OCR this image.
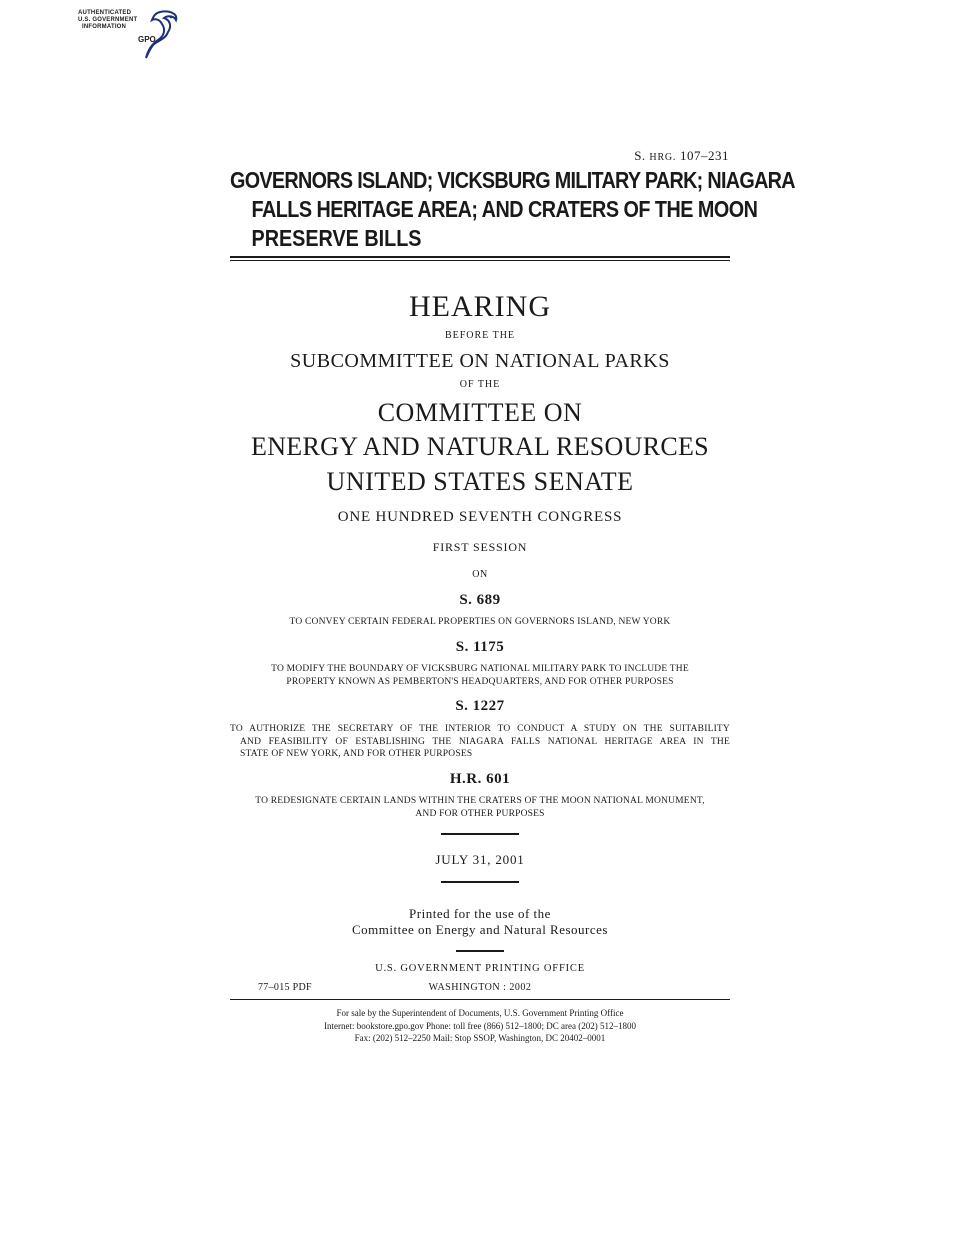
AUTHENTICATED
U.S. GOVERNMENT
INFORMATION
GPO
S. HRG. 107–231
GOVERNORS ISLAND; VICKSBURG MILITARY PARK; NIAGARA
FALLS HERITAGE AREA; AND CRATERS OF THE MOON
PRESERVE BILLS
HEARING
BEFORE THE
SUBCOMMITTEE ON NATIONAL PARKS
OF THE
COMMITTEE ON
ENERGY AND NATURAL RESOURCES
UNITED STATES SENATE
ONE HUNDRED SEVENTH CONGRESS
FIRST SESSION
ON
S. 689
TO CONVEY CERTAIN FEDERAL PROPERTIES ON GOVERNORS ISLAND, NEW YORK
S. 1175
TO MODIFY THE BOUNDARY OF VICKSBURG NATIONAL MILITARY PARK TO INCLUDE THE
PROPERTY KNOWN AS PEMBERTON'S HEADQUARTERS, AND FOR OTHER PURPOSES
S. 1227
TO AUTHORIZE THE SECRETARY OF THE INTERIOR TO CONDUCT A STUDY ON THE SUITABILITY
AND FEASIBILITY OF ESTABLISHING THE NIAGARA FALLS NATIONAL HERITAGE AREA IN THE
STATE OF NEW YORK, AND FOR OTHER PURPOSES
H.R. 601
TO REDESIGNATE CERTAIN LANDS WITHIN THE CRATERS OF THE MOON NATIONAL MONUMENT,
AND FOR OTHER PURPOSES
JULY 31, 2001
Printed for the use of the
Committee on Energy and Natural Resources
U.S. GOVERNMENT PRINTING OFFICE
77–015 PDF	WASHINGTON : 2002
For sale by the Superintendent of Documents, U.S. Government Printing Office
Internet: bookstore.gpo.gov Phone: toll free (866) 512–1800; DC area (202) 512–1800
Fax: (202) 512–2250 Mail: Stop SSOP, Washington, DC 20402–0001
